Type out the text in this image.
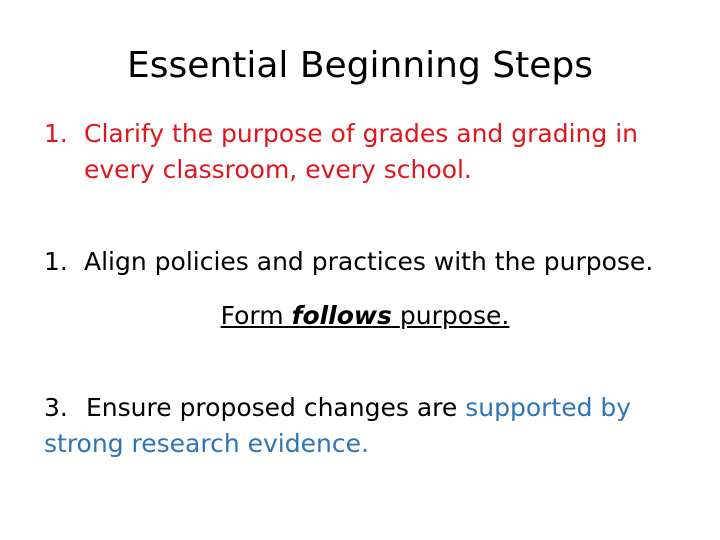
Essential Beginning Steps
1. Clarify the purpose of grades and grading in
every classroom, every school.
1. Align policies and practices with the purpose.
Form follows purpose.
3. Ensure proposed changes are supported by
strong research evidence.
